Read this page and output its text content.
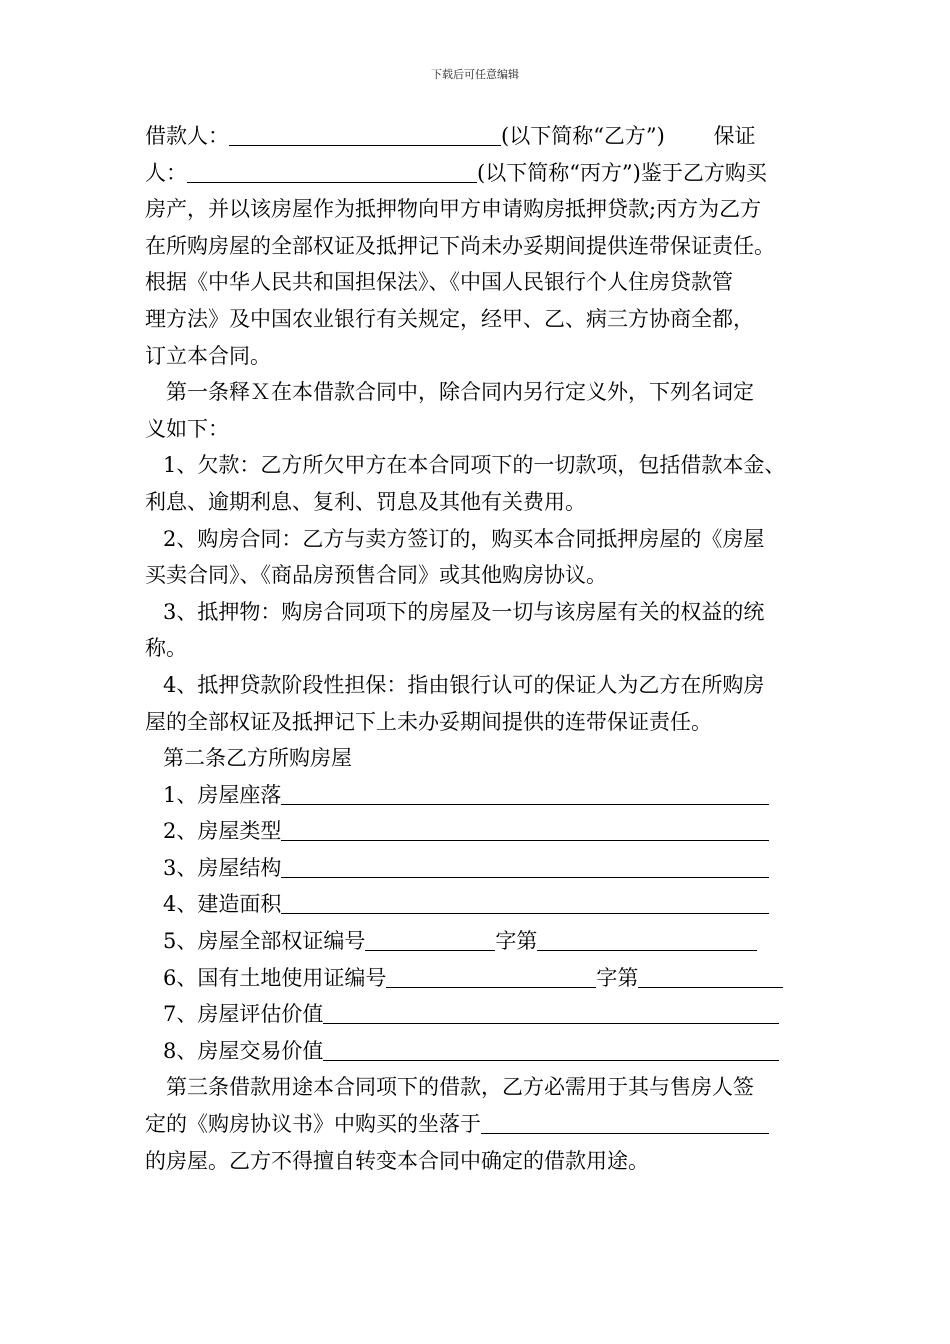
下载后可任意编辑
借款人：	(以下简称“乙方”)　　 保证
人：	(以下简称“丙方”)鉴于乙方购买
房产，并以该房屋作为抵押物向甲方申请购房抵押贷款;丙方为乙方
在所购房屋的全部权证及抵押记下尚未办妥期间提供连带保证责任。
根据《中华人民共和国担保法》、《中国人民银行个人住房贷款管
理方法》及中国农业银行有关规定，经甲、乙、病三方协商全都，
订立本合同。
第一条释Ｘ在本借款合同中，除合同内另行定义外，下列名词定
义如下：
1、欠款：乙方所欠甲方在本合同项下的一切款项，包括借款本金、
利息、逾期利息、复利、罚息及其他有关费用。
2、购房合同：乙方与卖方签订的，购买本合同抵押房屋的《房屋
买卖合同》、《商品房预售合同》或其他购房协议。
3、抵押物：购房合同项下的房屋及一切与该房屋有关的权益的统
称。
4、抵押贷款阶段性担保：指由银行认可的保证人为乙方在所购房
屋的全部权证及抵押记下上未办妥期间提供的连带保证责任。
第二条乙方所购房屋
1、房屋座落
2、房屋类型
3、房屋结构
4、建造面积
5、房屋全部权证编号	字第
6、国有土地使用证编号	字第
7、房屋评估价值
8、房屋交易价值
第三条借款用途本合同项下的借款，乙方必需用于其与售房人签
定的《购房协议书》中购买的坐落于
的房屋。乙方不得擅自转变本合同中确定的借款用途。
